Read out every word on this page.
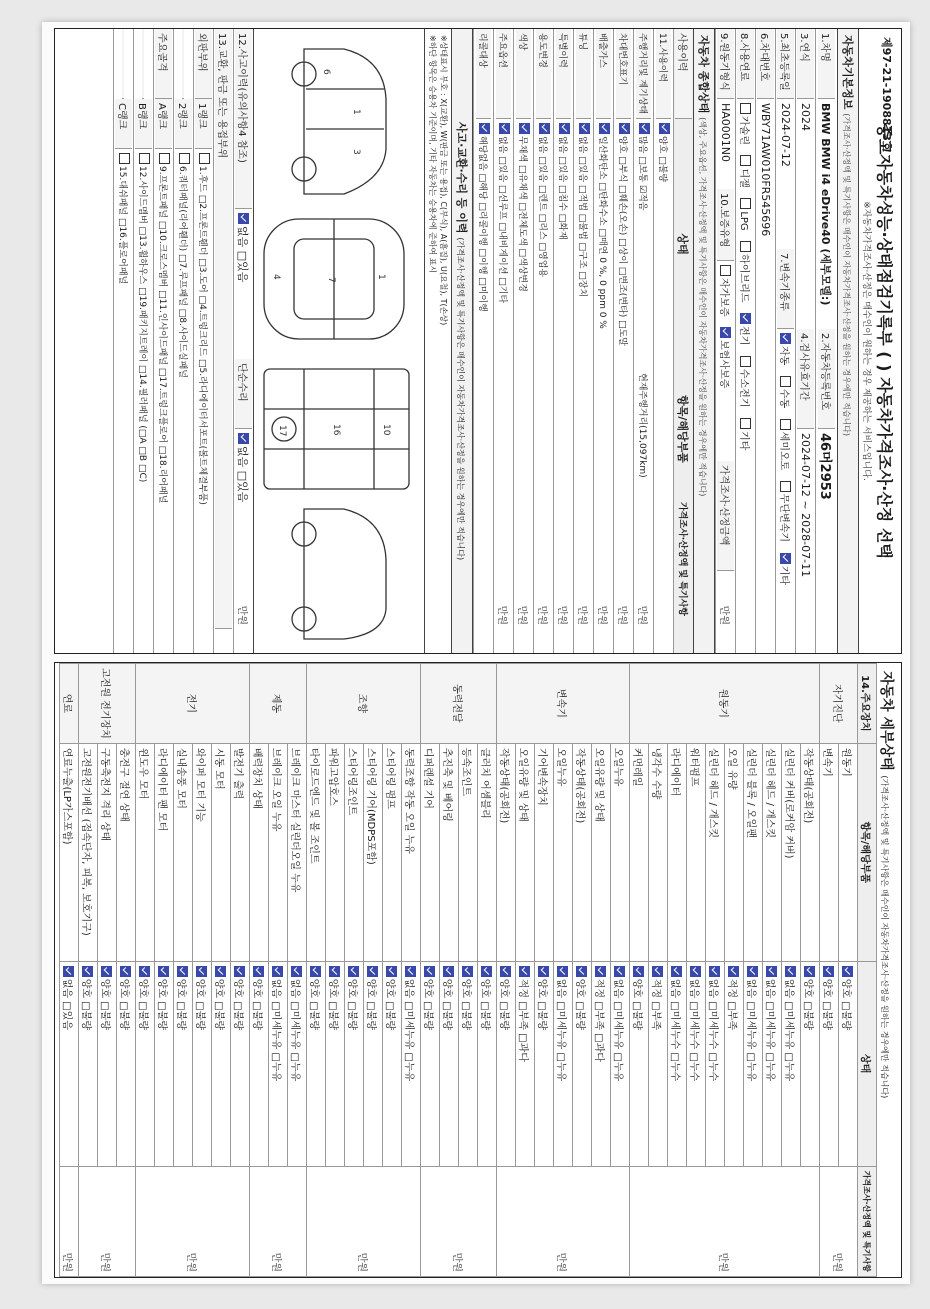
제97-21-1908813호
중고자동차성능·상태점검기록부 ( ) 자동차가격조사·산정 선택
※자동차가격조사·산정은 매수인이 원하는 경우 제공하는 서비스입니다.
자동차기본정보 (가격조사·산정액 및 특기사항은 매수인이 자동차가격조사·산정을 원하는 경우에만 적습니다)
1.차명
BMW BMW i4 eDrive40 (세부모델:)
2.자동차등록번호
46머2953
3.연식
2024
4.검사유효기간
2024-07-12 ~ 2028-07-11
5.최초등록일
2024-07-12
7.변속기종류
자동 수동 세미오토 무단변속기 기타
6.차대번호
WBY71AW010FR545696
8.사용연료
가솔린 디젤 LPG 하이브리드 전기 수소전기 기타
9.원동기형식
HA0001N0
10.보증유형
자가보증 보험사보증
가격조사·산정금액
만원
자동차 종합상태 (색상, 주요옵션, 가격조사·산정액 및 특기사항은 매수인이 자동차가격조사·산정을 원하는 경우에만 적습니다)
사용이력
상태
항목/해당부품
가격조사·산정액 및 특기사항
11.사용이력
양호 □불량
주행거리및 계기상태
많음 □보통 ☑적음
현재주행거리(15,097km)
만원
차대번호표기
양호 □부식 □훼손(오손) □상이 □변조(변타) □도말
만원
배출가스
일산화탄소 □탄화수소 □매연 0 %, 0 ppm 0 %
만원
튜닝
없음 □있음 □적법 □불법 □구조 □장치
만원
특별이력
없음 □있음 □침수 □화재
만원
용도변경
없음 □있음 □렌트 □리스 □영업용
만원
색상
무채색 □유채색 □전체도색 □색상변경
만원
주요옵션
없음 □있음 □선루프 □내비게이션 □기타
만원
리콜대상
해당없음 □해당 □리콜이행 □이행 □미이행
사고·교환·수리 등 이력 (가격조사·산정액 및 특기사항은 매수인이 자동차가격조사·산정을 원하는 경우에만 적습니다)
※상태표시 부호 : X(교환), W(판금 또는 용접), C(부식), A(흠집), U(요철), T(손상)
※하단 항목은 승용차 기준이며, 기타 자동차는 승용차에 준하여 표시
1
3
6
1
7
4
10
16
17
12.사고이력(유의사항4 참조)
없음 □있음
단순수리
없음 □있음
만원
13.교환, 판금 또는 용접부위
외판부위
1랭크
1.후드 □2.프론트휀더 □3.도어 □4.트렁크리드 □5.라디에이터서포트(볼트체결부품)
2랭크
6.쿼터패널(리어휀더) □7.루프패널 □8.사이드실패널
주요골격
A랭크
9.프론트패널 □10.크로스멤버 □11.인사이드패널 □17.트렁크플로어 □18.리어패널
B랭크
12.사이드멤버 □13.휠하우스 □19.패키지트레이 □14.필러패널 (□A □B □C)
C랭크
15.대쉬패널 □16.플로어패널
자동차 세부상태 (가격조사·산정액 및 특기사항은 매수인이 자동차가격조사·산정을 원하는 경우에만 적습니다)
14.주요장치	항목/해당부품	상태	가격조사·산정액 및 특기사항
자기진단	원동기	양호 □불량	만원
	변속기	양호 □불량	
원동기	작동상태(공회전)	양호 □불량	만원
	실린더 커버(로커암 커버)	없음 □미세누유 □누유	
	실린더 헤드 / 개스킷	없음 □미세누유 □누유	
	실린더 블록 / 오일팬	없음 □미세누유 □누유	
	오일 유량	적정 □부족	
	실린더 헤드 / 개스킷	없음 □미세누수 □누수	
	워터펌프	없음 □미세누수 □누수	
	라디에이터	없음 □미세누수 □누수	
	냉각수 수량	적정 □부족	
	커먼레일	양호 □불량	
변속기	오일누유	없음 □미세누유 □누유	만원
	오일유량 및 상태	적정 □부족 □과다	
	작동상태(공회전)	양호 □불량	
	오일누유	없음 □미세누유 □누유	
	기어변속장치	양호 □불량	
	오일유량 및 상태	적정 □부족 □과다	
	작동상태(공회전)	양호 □불량	
동력전달	클러치 어셈블리	양호 □불량	만원
	등속조인트	양호 □불량	
	추진축 및 베어링	양호 □불량	
	디퍼렌셜 기어	양호 □불량	
조향	동력조향 작동 오일 누유	없음 □미세누유 □누유	만원
	스티어링 펌프	양호 □불량	
	스티어링 기어(MDPS포함)	양호 □불량	
	스티어링조인트	양호 □불량	
	파워고압호스	양호 □불량	
	타이로드엔드 및 볼 조인트	양호 □불량	
제동	브레이크 마스터 실린더오일 누유	없음 □미세누유 □누유	만원
	브레이크 오일 누유	없음 □미세누유 □누유	
	배력장치 상태	양호 □불량	
전기	발전기 출력	양호 □불량	만원
	시동 모터	양호 □불량	
	와이퍼 모터 기능	양호 □불량	
	실내송풍 모터	양호 □불량	
	라디에이터 팬 모터	양호 □불량	
	윈도우 모터	양호 □불량	
고전원 전기장치	충전구 절연 상태	양호 □불량	만원
	구동축전지 격리 상태	양호 □불량	
	고전원전기배선 (접속단자, 피복, 보호기구)	양호 □불량	
연료	연료누출(LP가스포함)	없음 □있음	만원
